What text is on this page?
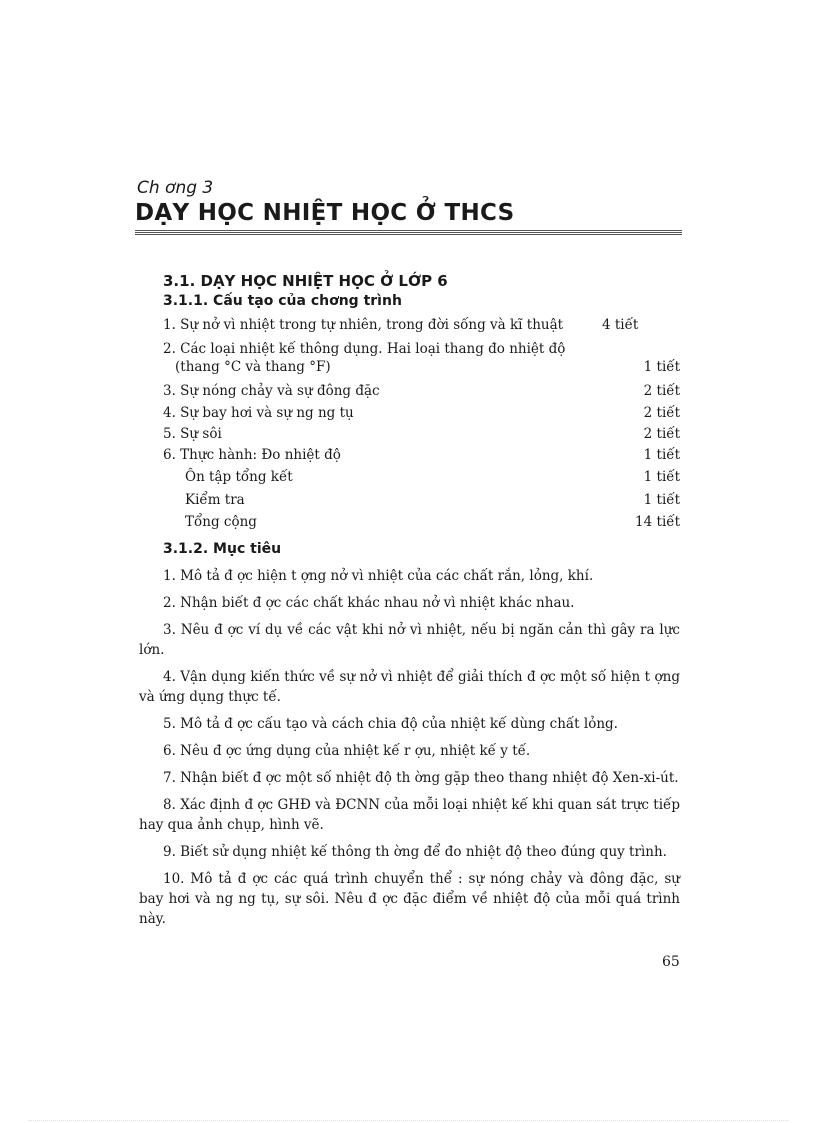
Ch ơng 3
DẠY HỌC NHIỆT HỌC Ở THCS
3.1. DẠY HỌC NHIỆT HỌC Ở LỚP 6
3.1.1. Cấu tạo của chơng trình
1. Sự nở vì nhiệt trong tự nhiên, trong đời sống và kĩ thuật	4 tiết
2. Các loại nhiệt kế thông dụng. Hai loại thang đo nhiệt độ
(thang °C và thang °F)	1 tiết
3. Sự nóng chảy và sự đông đặc	2 tiết
4. Sự bay hơi và sự ng ng tụ	2 tiết
5. Sự sôi	2 tiết
6. Thực hành: Đo nhiệt độ	1 tiết
Ôn tập tổng kết	1 tiết
Kiểm tra	1 tiết
Tổng cộng	14 tiết
3.1.2. Mục tiêu

1. Mô tả đ ợc hiện t ợng nở vì nhiệt của các chất rắn, lỏng, khí.

2. Nhận biết đ ợc các chất khác nhau nở vì nhiệt khác nhau.

3. Nêu đ ợc ví dụ về các vật khi nở vì nhiệt, nếu bị ngăn cản thì gây ra lực lớn.

4. Vận dụng kiến thức về sự nở vì nhiệt để giải thích đ ợc một số hiện t ợng và ứng dụng thực tế.

5. Mô tả đ ợc cấu tạo và cách chia độ của nhiệt kế dùng chất lỏng.

6. Nêu đ ợc ứng dụng của nhiệt kế r ợu, nhiệt kế y tế.

7. Nhận biết đ ợc một số nhiệt độ th ờng gặp theo thang nhiệt độ Xen-xi-út.

8. Xác định đ ợc GHĐ và ĐCNN của mỗi loại nhiệt kế khi quan sát trực tiếp hay qua ảnh chụp, hình vẽ.

9. Biết sử dụng nhiệt kế thông th ờng để đo nhiệt độ theo đúng quy trình.

10. Mô tả đ ợc các quá trình chuyển thể : sự nóng chảy và đông đặc, sự bay hơi và ng ng tụ, sự sôi. Nêu đ ợc đặc điểm về nhiệt độ của mỗi quá trình này.

65
